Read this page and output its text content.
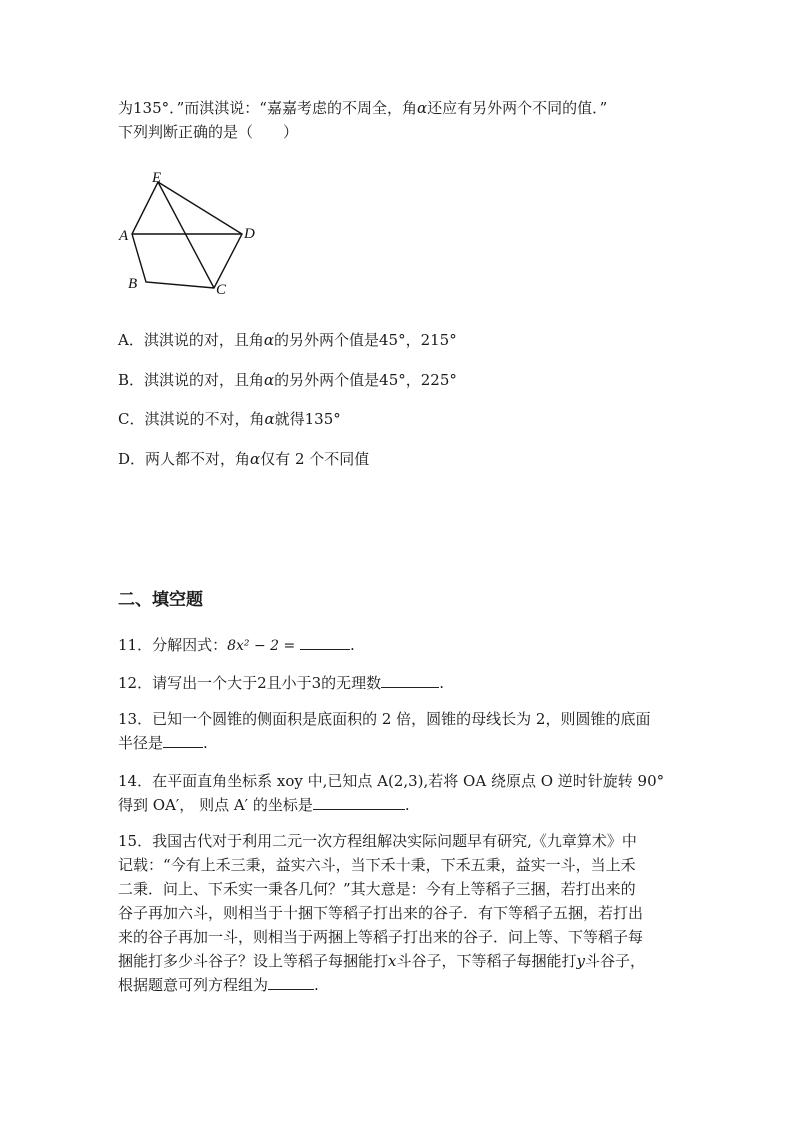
为135°．”而淇淇说：“嘉嘉考虑的不周全，角α还应有另外两个不同的值．”
下列判断正确的是（　　）
E
A	D
B	C
A．淇淇说的对，且角α的另外两个值是45°，215°
B．淇淇说的对，且角α的另外两个值是45°，225°
C．淇淇说的不对，角α就得135°
D．两人都不对，角α仅有 2 个不同值
二、填空题
11．分解因式：8x² − 2 =	.
12．请写出一个大于2且小于3的无理数	.
13．已知一个圆锥的侧面积是底面积的 2 倍，圆锥的母线长为 2，则圆锥的底面
半径是	.
14．在平面直角坐标系 xoy 中,已知点 A(2,3),若将 OA 绕原点 O 逆时针旋转 90°
得到 OA′， 则点 A′ 的坐标是	.
15．我国古代对于利用二元一次方程组解决实际问题早有研究,《九章算术》中
记载：“今有上禾三秉，益实六斗，当下禾十秉，下禾五秉，益实一斗，当上禾
二秉．问上、下禾实一秉各几何？”其大意是：今有上等稻子三捆，若打出来的
谷子再加六斗，则相当于十捆下等稻子打出来的谷子．有下等稻子五捆，若打出
来的谷子再加一斗，则相当于两捆上等稻子打出来的谷子．问上等、下等稻子每
捆能打多少斗谷子？设上等稻子每捆能打x斗谷子，下等稻子每捆能打y斗谷子，
根据题意可列方程组为	.
